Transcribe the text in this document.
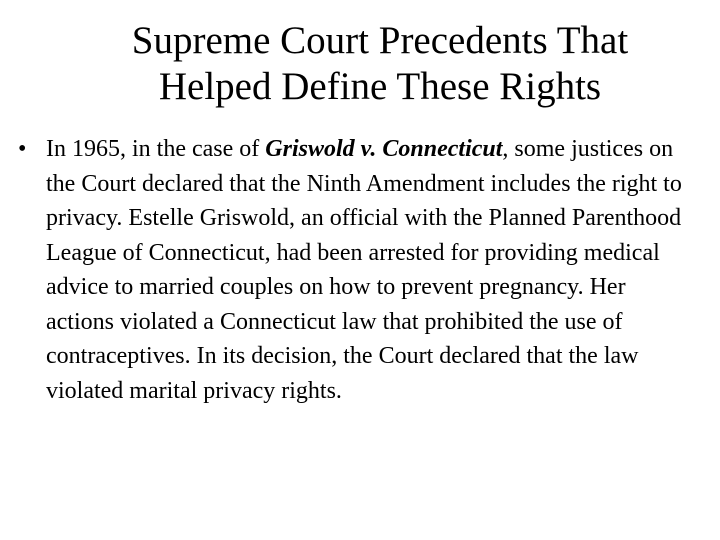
Supreme Court Precedents That
Helped Define These Rights
• In 1965, in the case of Griswold v. Connecticut, some justices on the Court declared that the Ninth Amendment includes the right to privacy. Estelle Griswold, an official with the Planned Parenthood League of Connecticut, had been arrested for providing medical advice to married couples on how to prevent pregnancy. Her actions violated a Connecticut law that prohibited the use of contraceptives. In its decision, the Court declared that the law violated marital privacy rights.
